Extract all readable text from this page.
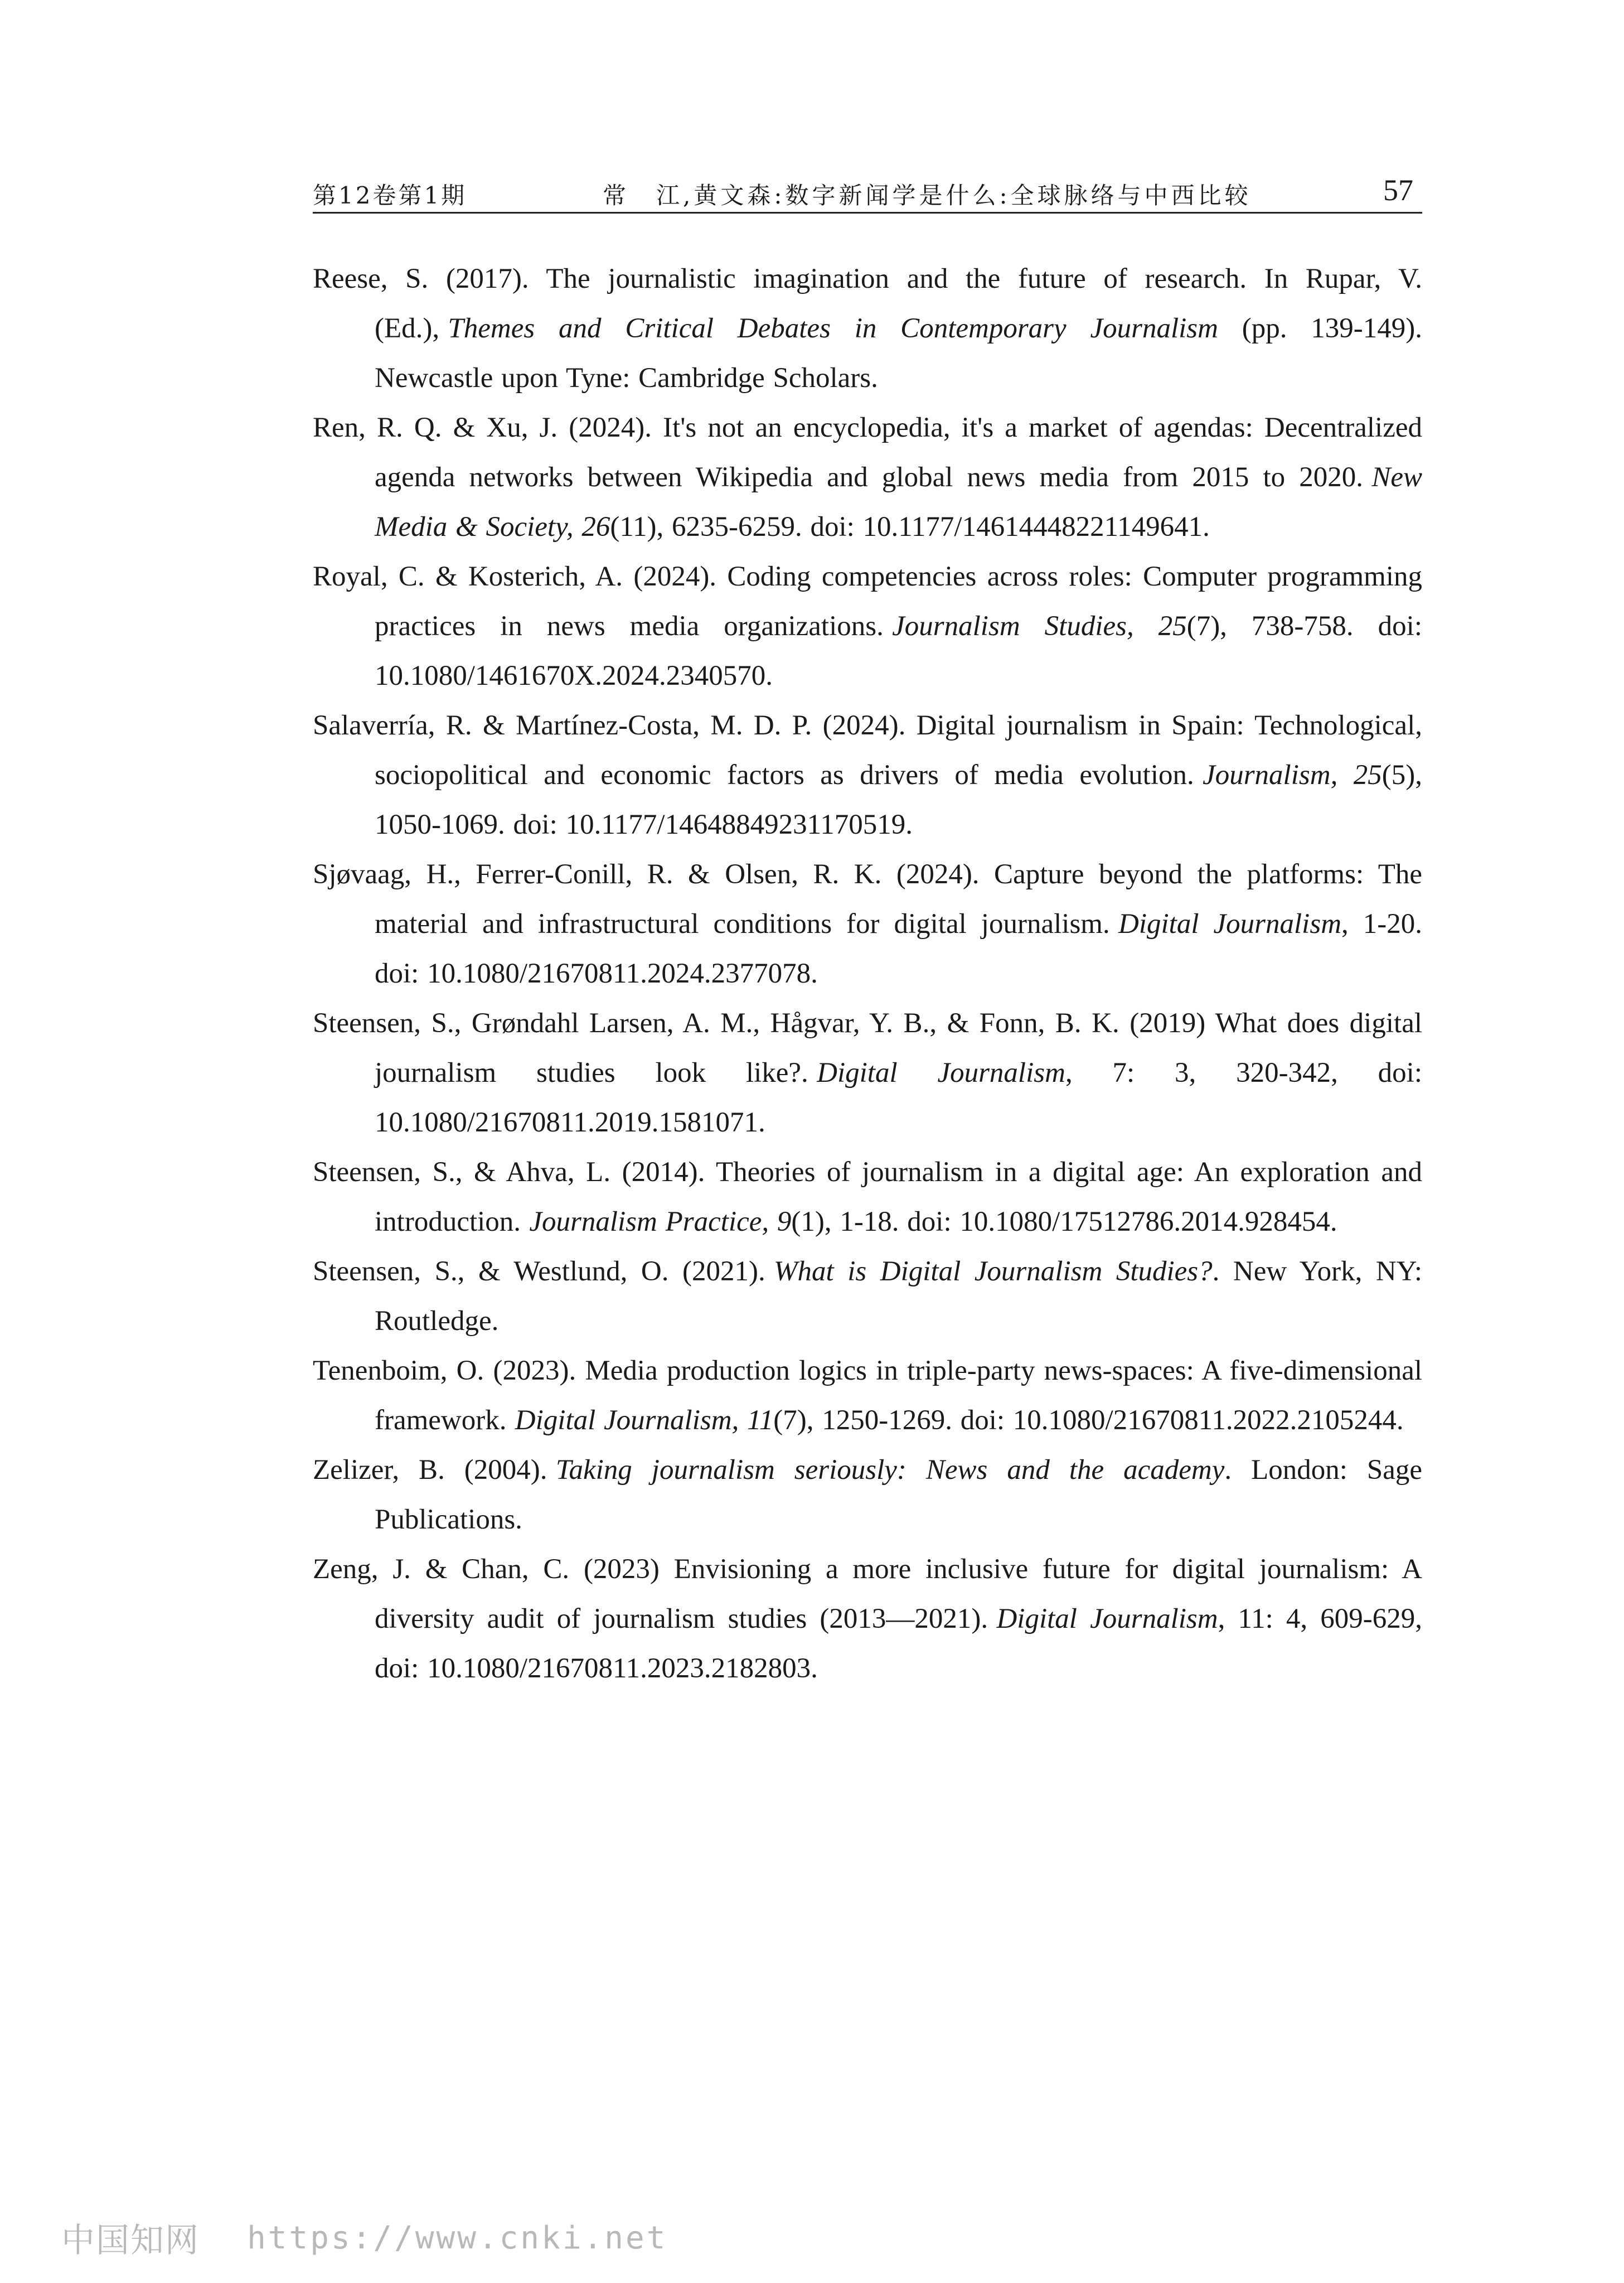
第12卷第1期	常　江,黄文森:数字新闻学是什么:全球脉络与中西比较	57

Reese, S. (2017). The journalistic imagination and the future of research. In Rupar, V. (Ed.), Themes and Critical Debates in Contemporary Journalism (pp. 139-149). Newcastle upon Tyne: Cambridge Scholars.

Ren, R. Q. & Xu, J. (2024). It's not an encyclopedia, it's a market of agendas: Decentralized agenda networks between Wikipedia and global news media from 2015 to 2020. New Media & Society, 26(11), 6235-6259. doi: 10.1177/14614448221149641.

Royal, C. & Kosterich, A. (2024). Coding competencies across roles: Computer programming practices in news media organizations. Journalism Studies, 25(7), 738-758. doi: 10.1080/1461670X.2024.2340570.

Salaverría, R. & Martínez-Costa, M. D. P. (2024). Digital journalism in Spain: Technological, sociopolitical and economic factors as drivers of media evolution. Journalism, 25(5), 1050-1069. doi: 10.1177/14648849231170519.

Sjøvaag, H., Ferrer-Conill, R. & Olsen, R. K. (2024). Capture beyond the platforms: The material and infrastructural conditions for digital journalism. Digital Journalism, 1-20. doi: 10.1080/21670811.2024.2377078.

Steensen, S., Grøndahl Larsen, A. M., Hågvar, Y. B., & Fonn, B. K. (2019) What does digital journalism studies look like?. Digital Journalism, 7: 3, 320-342, doi: 10.1080/21670811.2019.1581071.

Steensen, S., & Ahva, L. (2014). Theories of journalism in a digital age: An exploration and introduction. Journalism Practice, 9(1), 1-18. doi: 10.1080/17512786.2014.928454.

Steensen, S., & Westlund, O. (2021). What is Digital Journalism Studies?. New York, NY: Routledge.

Tenenboim, O. (2023). Media production logics in triple-party news-spaces: A five-dimensional framework. Digital Journalism, 11(7), 1250-1269. doi: 10.1080/21670811.2022.2105244.

Zelizer, B. (2004). Taking journalism seriously: News and the academy. London: Sage Publications.

Zeng, J. & Chan, C. (2023) Envisioning a more inclusive future for digital journalism: A diversity audit of journalism studies (2013—2021). Digital Journalism, 11: 4, 609-629, doi: 10.1080/21670811.2023.2182803.

中国知网 https://www.cnki.net
